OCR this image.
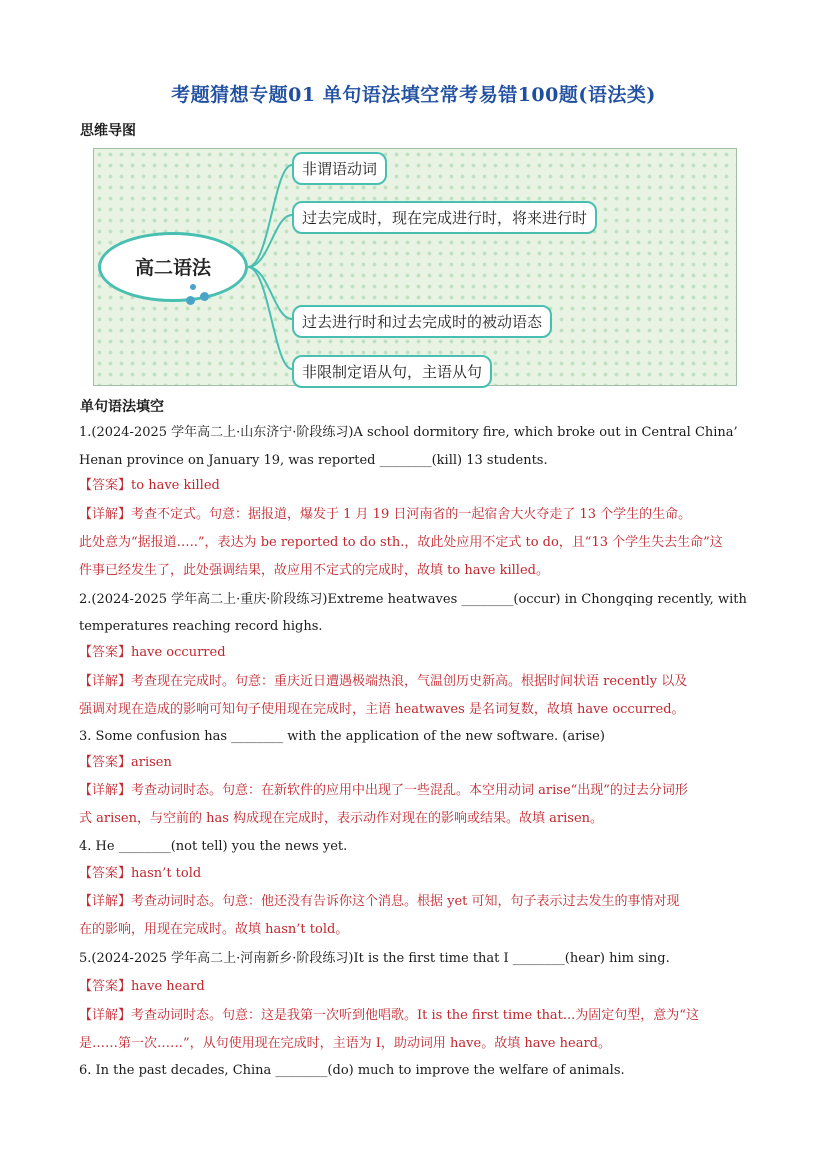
考题猜想专题01 单句语法填空常考易错100题(语法类)
思维导图
高二语法
非谓语动词
过去完成时，现在完成进行时，将来进行时
过去进行时和过去完成时的被动语态
非限制定语从句，主语从句
单句语法填空
1.(2024-2025 学年高二上·山东济宁·阶段练习)A school dormitory fire, which broke out in Central China’
Henan province on January 19, was reported ________(kill) 13 students.
【答案】to have killed
【详解】考查不定式。句意：据报道，爆发于 1 月 19 日河南省的一起宿舍大火夺走了 13 个学生的生命。
此处意为“据报道…..”，表达为 be reported to do sth.，故此处应用不定式 to do，且“13 个学生失去生命”这
件事已经发生了，此处强调结果，故应用不定式的完成时，故填 to have killed。
2.(2024-2025 学年高二上·重庆·阶段练习)Extreme heatwaves ________(occur) in Chongqing recently, with
temperatures reaching record highs.
【答案】have occurred
【详解】考查现在完成时。句意：重庆近日遭遇极端热浪，气温创历史新高。根据时间状语 recently 以及
强调对现在造成的影响可知句子使用现在完成时，主语 heatwaves 是名词复数，故填 have occurred。
3. Some confusion has ________ with the application of the new software. (arise)
【答案】arisen
【详解】考查动词时态。句意：在新软件的应用中出现了一些混乱。本空用动词 arise“出现”的过去分词形
式 arisen，与空前的 has 构成现在完成时，表示动作对现在的影响或结果。故填 arisen。
4. He ________(not tell) you the news yet.
【答案】hasn’t told
【详解】考查动词时态。句意：他还没有告诉你这个消息。根据 yet 可知，句子表示过去发生的事情对现
在的影响，用现在完成时。故填 hasn’t told。
5.(2024-2025 学年高二上·河南新乡·阶段练习)It is the first time that I ________(hear) him sing.
【答案】have heard
【详解】考查动词时态。句意：这是我第一次听到他唱歌。It is the first time that...为固定句型，意为“这
是……第一次……”，从句使用现在完成时，主语为 I，助动词用 have。故填 have heard。
6. In the past decades, China ________(do) much to improve the welfare of animals.
